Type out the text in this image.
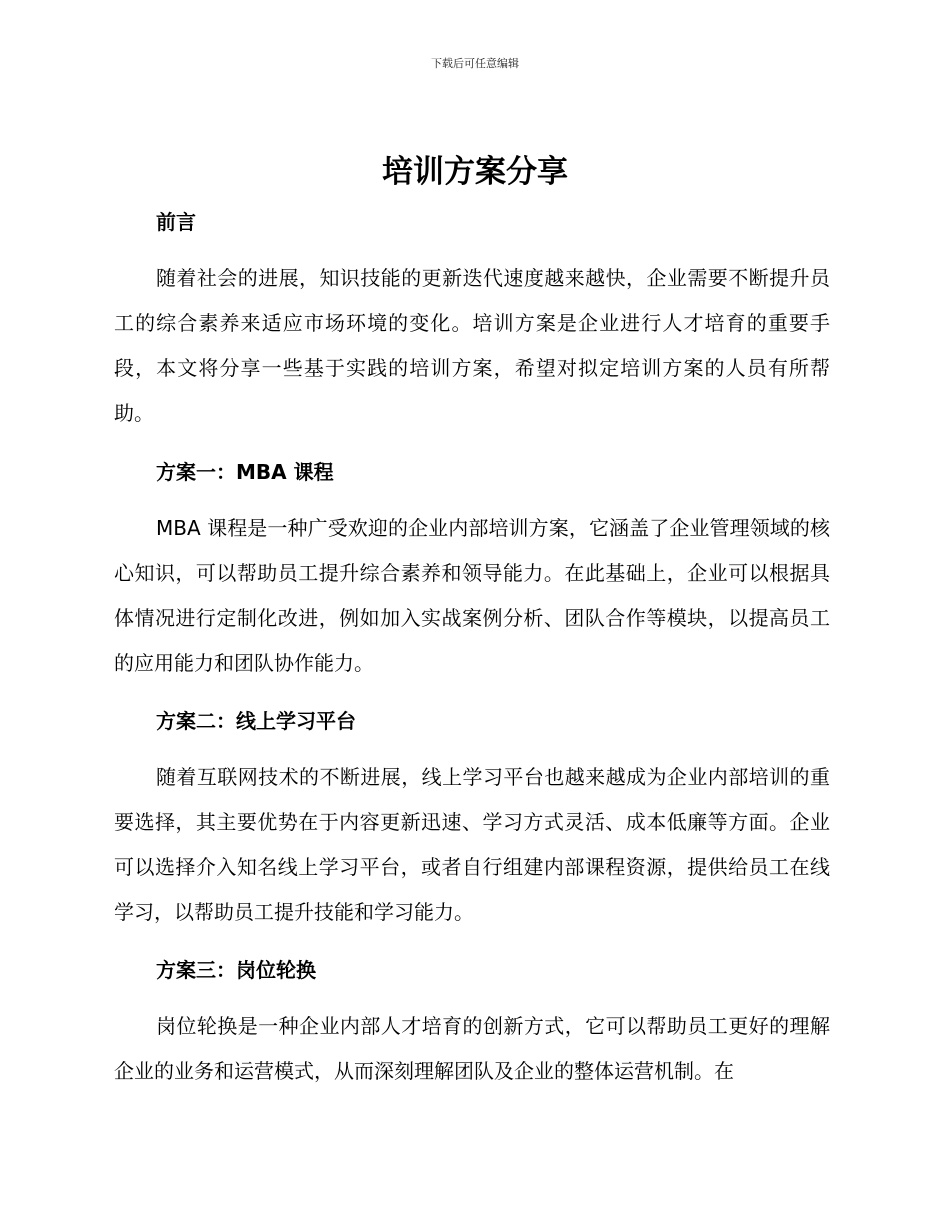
下载后可任意编辑
培训方案分享
前言

随着社会的进展，知识技能的更新迭代速度越来越快，企业需要不断提升员工的综合素养来适应市场环境的变化。培训方案是企业进行人才培育的重要手段，本文将分享一些基于实践的培训方案，希望对拟定培训方案的人员有所帮助。

方案一：MBA 课程

MBA 课程是一种广受欢迎的企业内部培训方案，它涵盖了企业管理领域的核心知识，可以帮助员工提升综合素养和领导能力。在此基础上，企业可以根据具体情况进行定制化改进，例如加入实战案例分析、团队合作等模块，以提高员工的应用能力和团队协作能力。

方案二：线上学习平台

随着互联网技术的不断进展，线上学习平台也越来越成为企业内部培训的重要选择，其主要优势在于内容更新迅速、学习方式灵活、成本低廉等方面。企业可以选择介入知名线上学习平台，或者自行组建内部课程资源，提供给员工在线学习，以帮助员工提升技能和学习能力。

方案三：岗位轮换

岗位轮换是一种企业内部人才培育的创新方式，它可以帮助员工更好的理解企业的业务和运营模式，从而深刻理解团队及企业的整体运营机制。在
